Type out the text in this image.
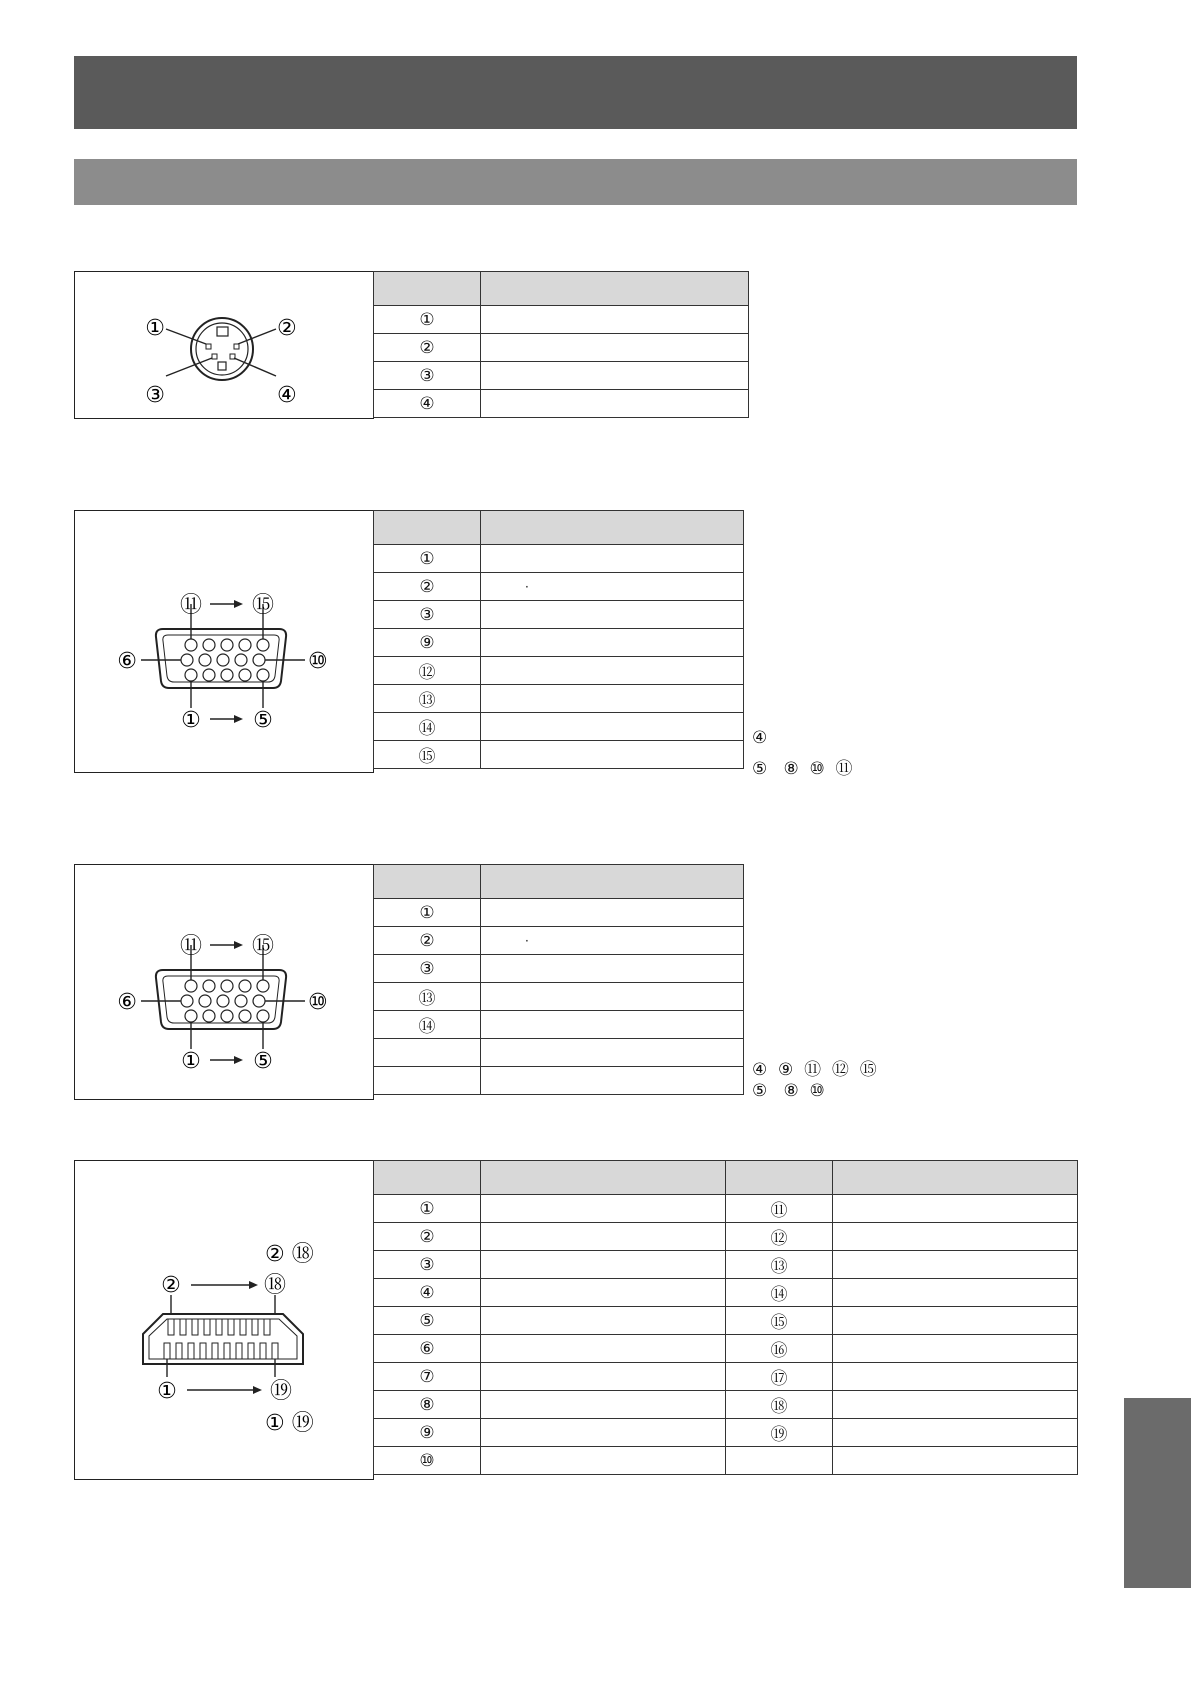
①	②
③	④

①	
②	
③	
④	
⑪ ⑮
⑥	⑩
① ⑤

①	
②	·
③	
⑨	
⑫	
⑬	
⑭	
⑮	
④
⑤   ⑧  ⑩  ⑪
⑪ ⑮
⑥	⑩
① ⑤

①	
②	·
③	
⑬	
⑭	

④  ⑨  ⑪  ⑫  ⑮
⑤   ⑧  ⑩
② ⑱
②	⑱
①	⑲
① ⑲

①		⑪	
②		⑫	
③		⑬	
④		⑭	
⑤		⑮	
⑥		⑯	
⑦		⑰	
⑧		⑱	
⑨		⑲	
⑩			
